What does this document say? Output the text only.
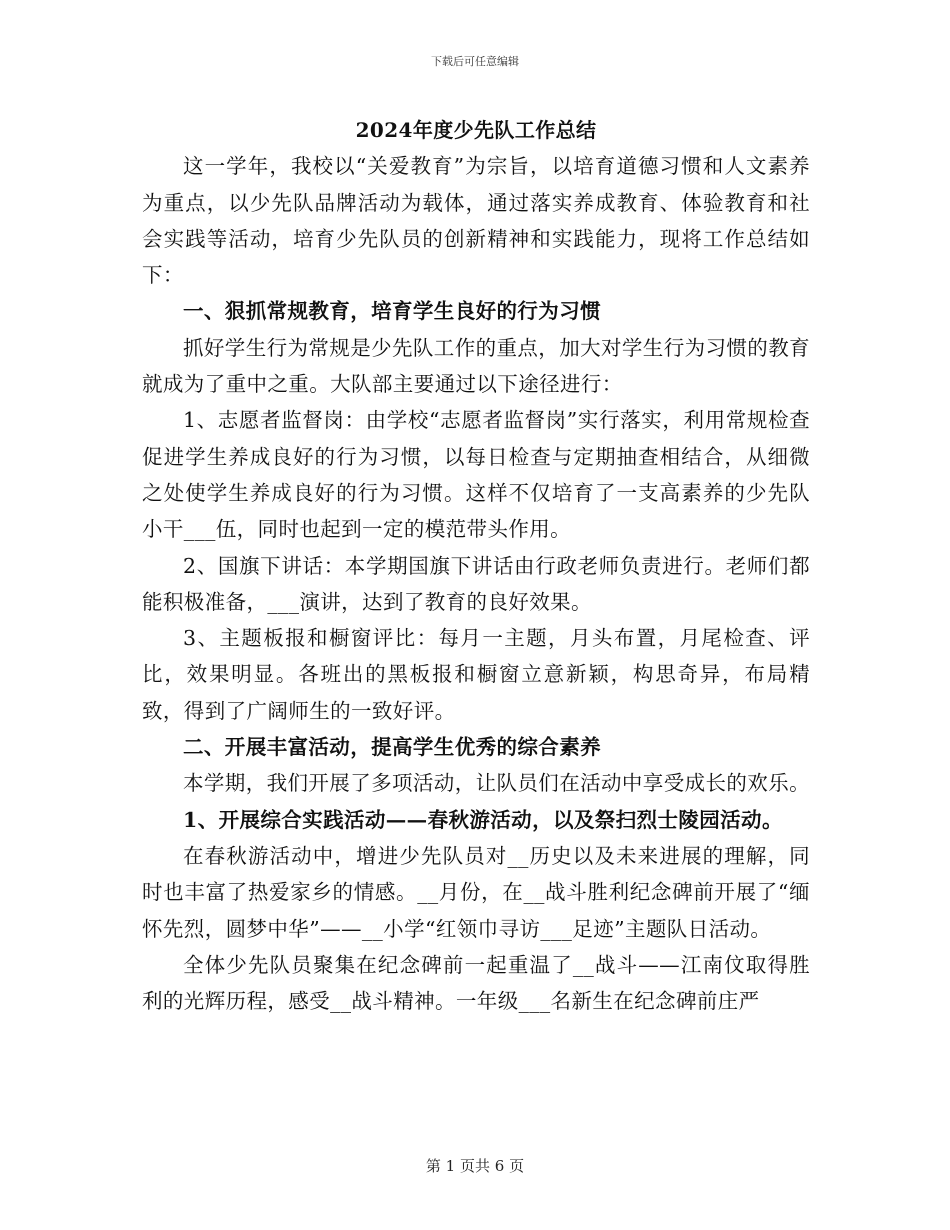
下载后可任意编辑

2024年度少先队工作总结

这一学年，我校以“关爱教育”为宗旨，以培育道德习惯和人文素养为重点，以少先队品牌活动为载体，通过落实养成教育、体验教育和社会实践等活动，培育少先队员的创新精神和实践能力，现将工作总结如下：

一、狠抓常规教育，培育学生良好的行为习惯

抓好学生行为常规是少先队工作的重点，加大对学生行为习惯的教育就成为了重中之重。大队部主要通过以下途径进行：

1、志愿者监督岗：由学校“志愿者监督岗”实行落实，利用常规检查促进学生养成良好的行为习惯，以每日检查与定期抽查相结合，从细微之处使学生养成良好的行为习惯。这样不仅培育了一支高素养的少先队小干___伍，同时也起到一定的模范带头作用。

2、国旗下讲话：本学期国旗下讲话由行政老师负责进行。老师们都能积极准备，___演讲，达到了教育的良好效果。

3、主题板报和橱窗评比：每月一主题，月头布置，月尾检查、评比，效果明显。各班出的黑板报和橱窗立意新颖，构思奇异，布局精致，得到了广阔师生的一致好评。

二、开展丰富活动，提高学生优秀的综合素养

本学期，我们开展了多项活动，让队员们在活动中享受成长的欢乐。

1、开展综合实践活动——春秋游活动，以及祭扫烈士陵园活动。

在春秋游活动中，增进少先队员对__历史以及未来进展的理解，同时也丰富了热爱家乡的情感。__月份，在__战斗胜利纪念碑前开展了“缅怀先烈，圆梦中华”——__小学“红领巾寻访___足迹”主题队日活动。

全体少先队员聚集在纪念碑前一起重温了__战斗——江南伩取得胜利的光辉历程，感受__战斗精神。一年级___名新生在纪念碑前庄严

第 1 页共 6 页
